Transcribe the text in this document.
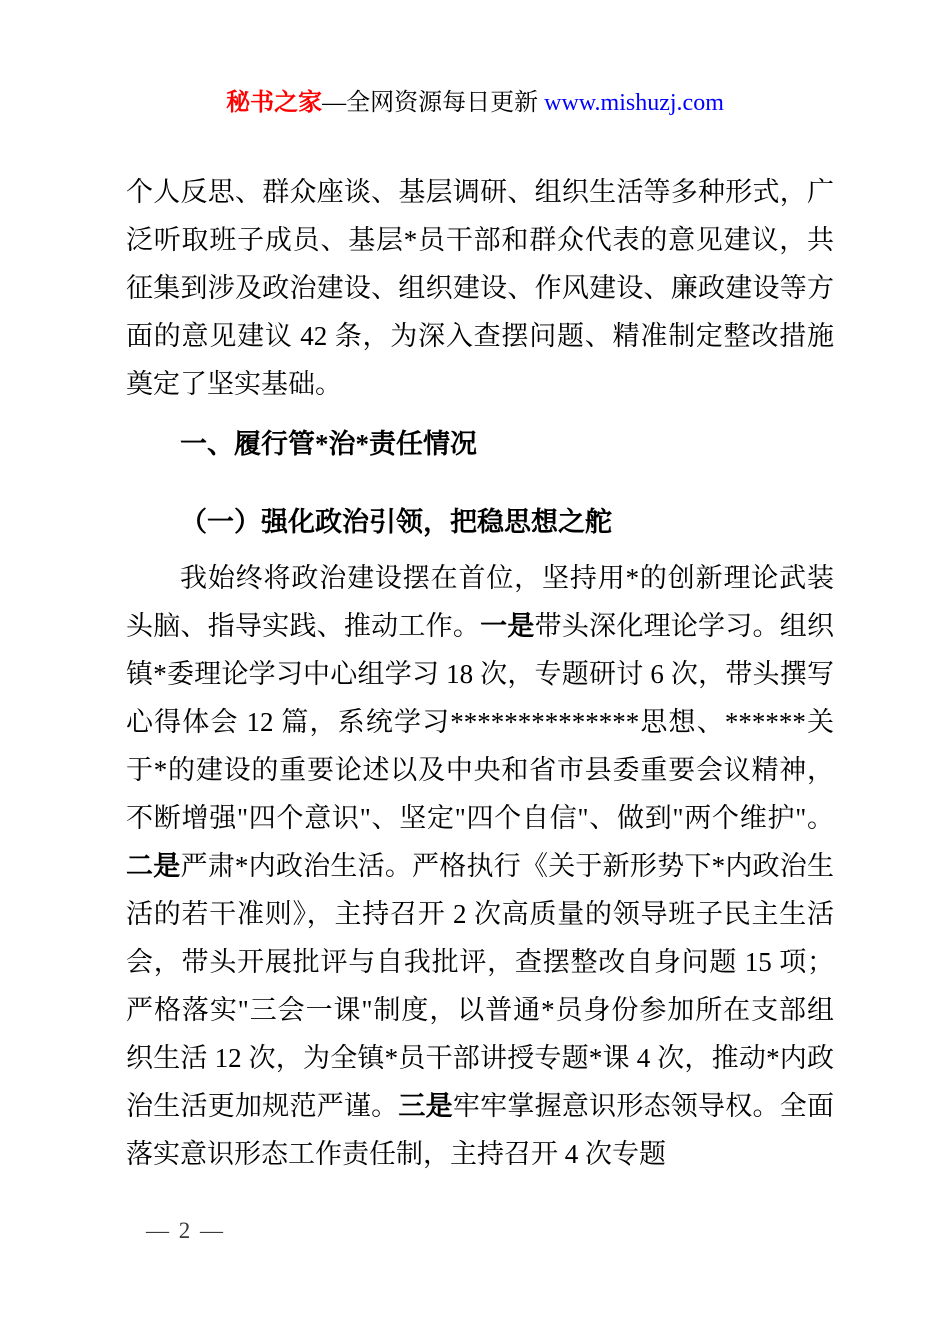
秘书之家—全网资源每日更新 www.mishuzj.com

个人反思、群众座谈、基层调研、组织生活等多种形式，广泛听取班子成员、基层*员干部和群众代表的意见建议，共征集到涉及政治建设、组织建设、作风建设、廉政建设等方面的意见建议 42 条，为深入查摆问题、精准制定整改措施奠定了坚实基础。

一、履行管*治*责任情况

（一）强化政治引领，把稳思想之舵

我始终将政治建设摆在首位，坚持用*的创新理论武装头脑、指导实践、推动工作。一是带头深化理论学习。组织镇*委理论学习中心组学习 18 次，专题研讨 6 次，带头撰写心得体会 12 篇，系统学习**************思想、******关于*的建设的重要论述以及中央和省市县委重要会议精神，不断增强"四个意识"、坚定"四个自信"、做到"两个维护"。二是严肃*内政治生活。严格执行《关于新形势下*内政治生活的若干准则》，主持召开 2 次高质量的领导班子民主生活会，带头开展批评与自我批评，查摆整改自身问题 15 项；严格落实"三会一课"制度，以普通*员身份参加所在支部组织生活 12 次，为全镇*员干部讲授专题*课 4 次，推动*内政治生活更加规范严谨。三是牢牢掌握意识形态领导权。全面落实意识形态工作责任制，主持召开 4 次专题

— 2 —
